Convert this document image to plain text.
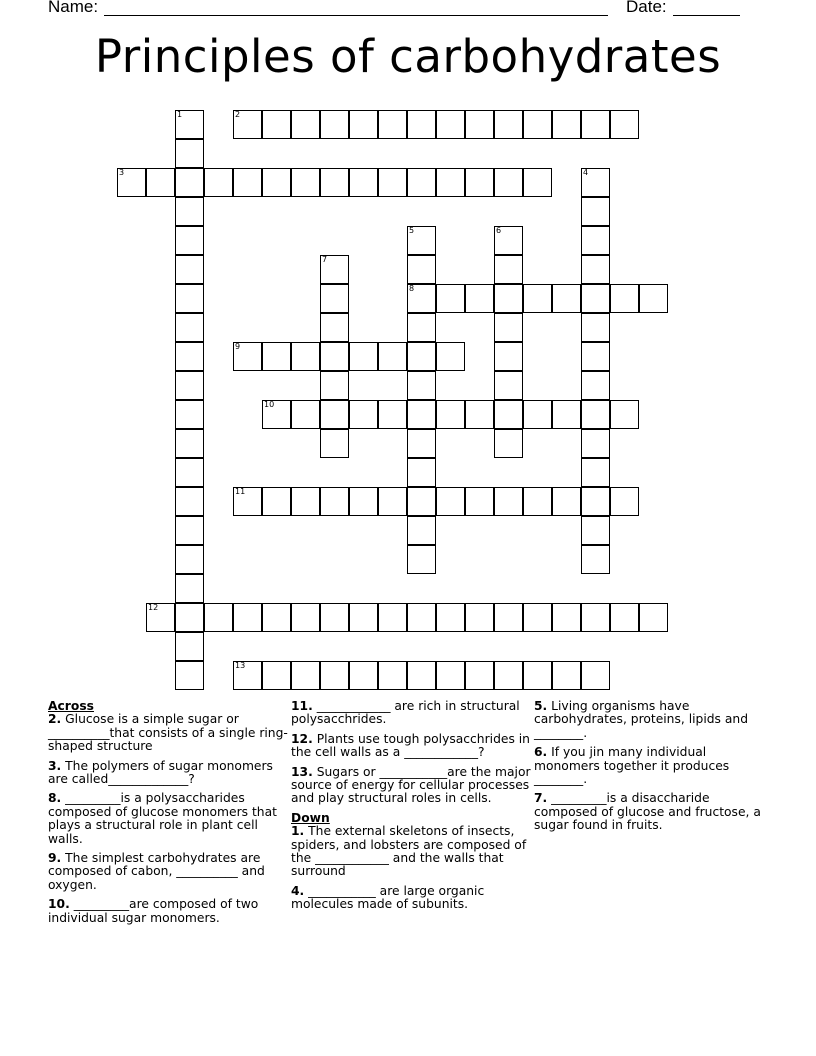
Name:	Date:
Principles of carbohydrates
1	2
3	4
5
8
6
7
9
10
11
12
13
Across
2. Glucose is a simple sugar or __________that consists of a single ring-shaped structure
3. The polymers of sugar monomers are called_____________?
8. _________is a polysaccharides composed of glucose monomers that plays a structural role in plant cell walls.
9. The simplest carbohydrates are composed of cabon, __________ and oxygen.
10. _________are composed of two individual sugar monomers.
11. ____________ are rich in structural polysacchrides.
12. Plants use tough polysacchrides in the cell walls as a ____________?
13. Sugars or ___________are the major source of energy for cellular processes and play structural roles in cells.
Down
1. The external skeletons of insects, spiders, and lobsters are composed of the ____________ and the walls that surround
4. ___________ are large organic molecules made of subunits.
5. Living organisms have carbohydrates, proteins, lipids and ________.
6. If you jin many individual monomers together it produces ________.
7. _________is a disaccharide composed of glucose and fructose, a sugar found in fruits.
